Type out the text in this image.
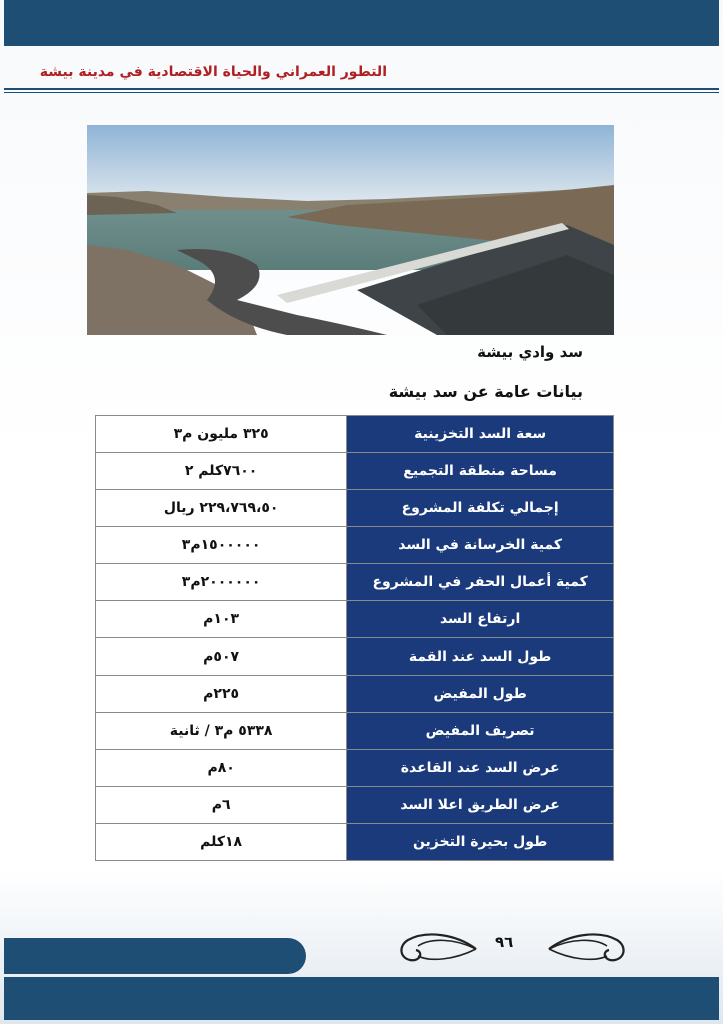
التطور العمراني والحياة الاقتصادية في مدينة بيشة
سد وادي بيشة
بيانات عامة عن سد بيشة
سعة السد التخزينية	٣٢٥ مليون م٣
مساحة منطقة التجميع	٧٦٠٠كلم ٢
إجمالي تكلفة المشروع	٢٢٩،٧٦٩،٥٠ ريال
كمية الخرسانة في السد	١٥٠٠٠٠٠م٣
كمية أعمال الحفر في المشروع	٢٠٠٠٠٠٠م٣
ارتفاع السد	١٠٣م
طول السد عند القمة	٥٠٧م
طول المفيض	٢٢٥م
تصريف المفيض	٥٣٣٨ م٣ / ثانية
عرض السد عند القاعدة	٨٠م
عرض الطريق اعلا السد	٦م
طول بحيرة التخزين	١٨كلم
٩٦
